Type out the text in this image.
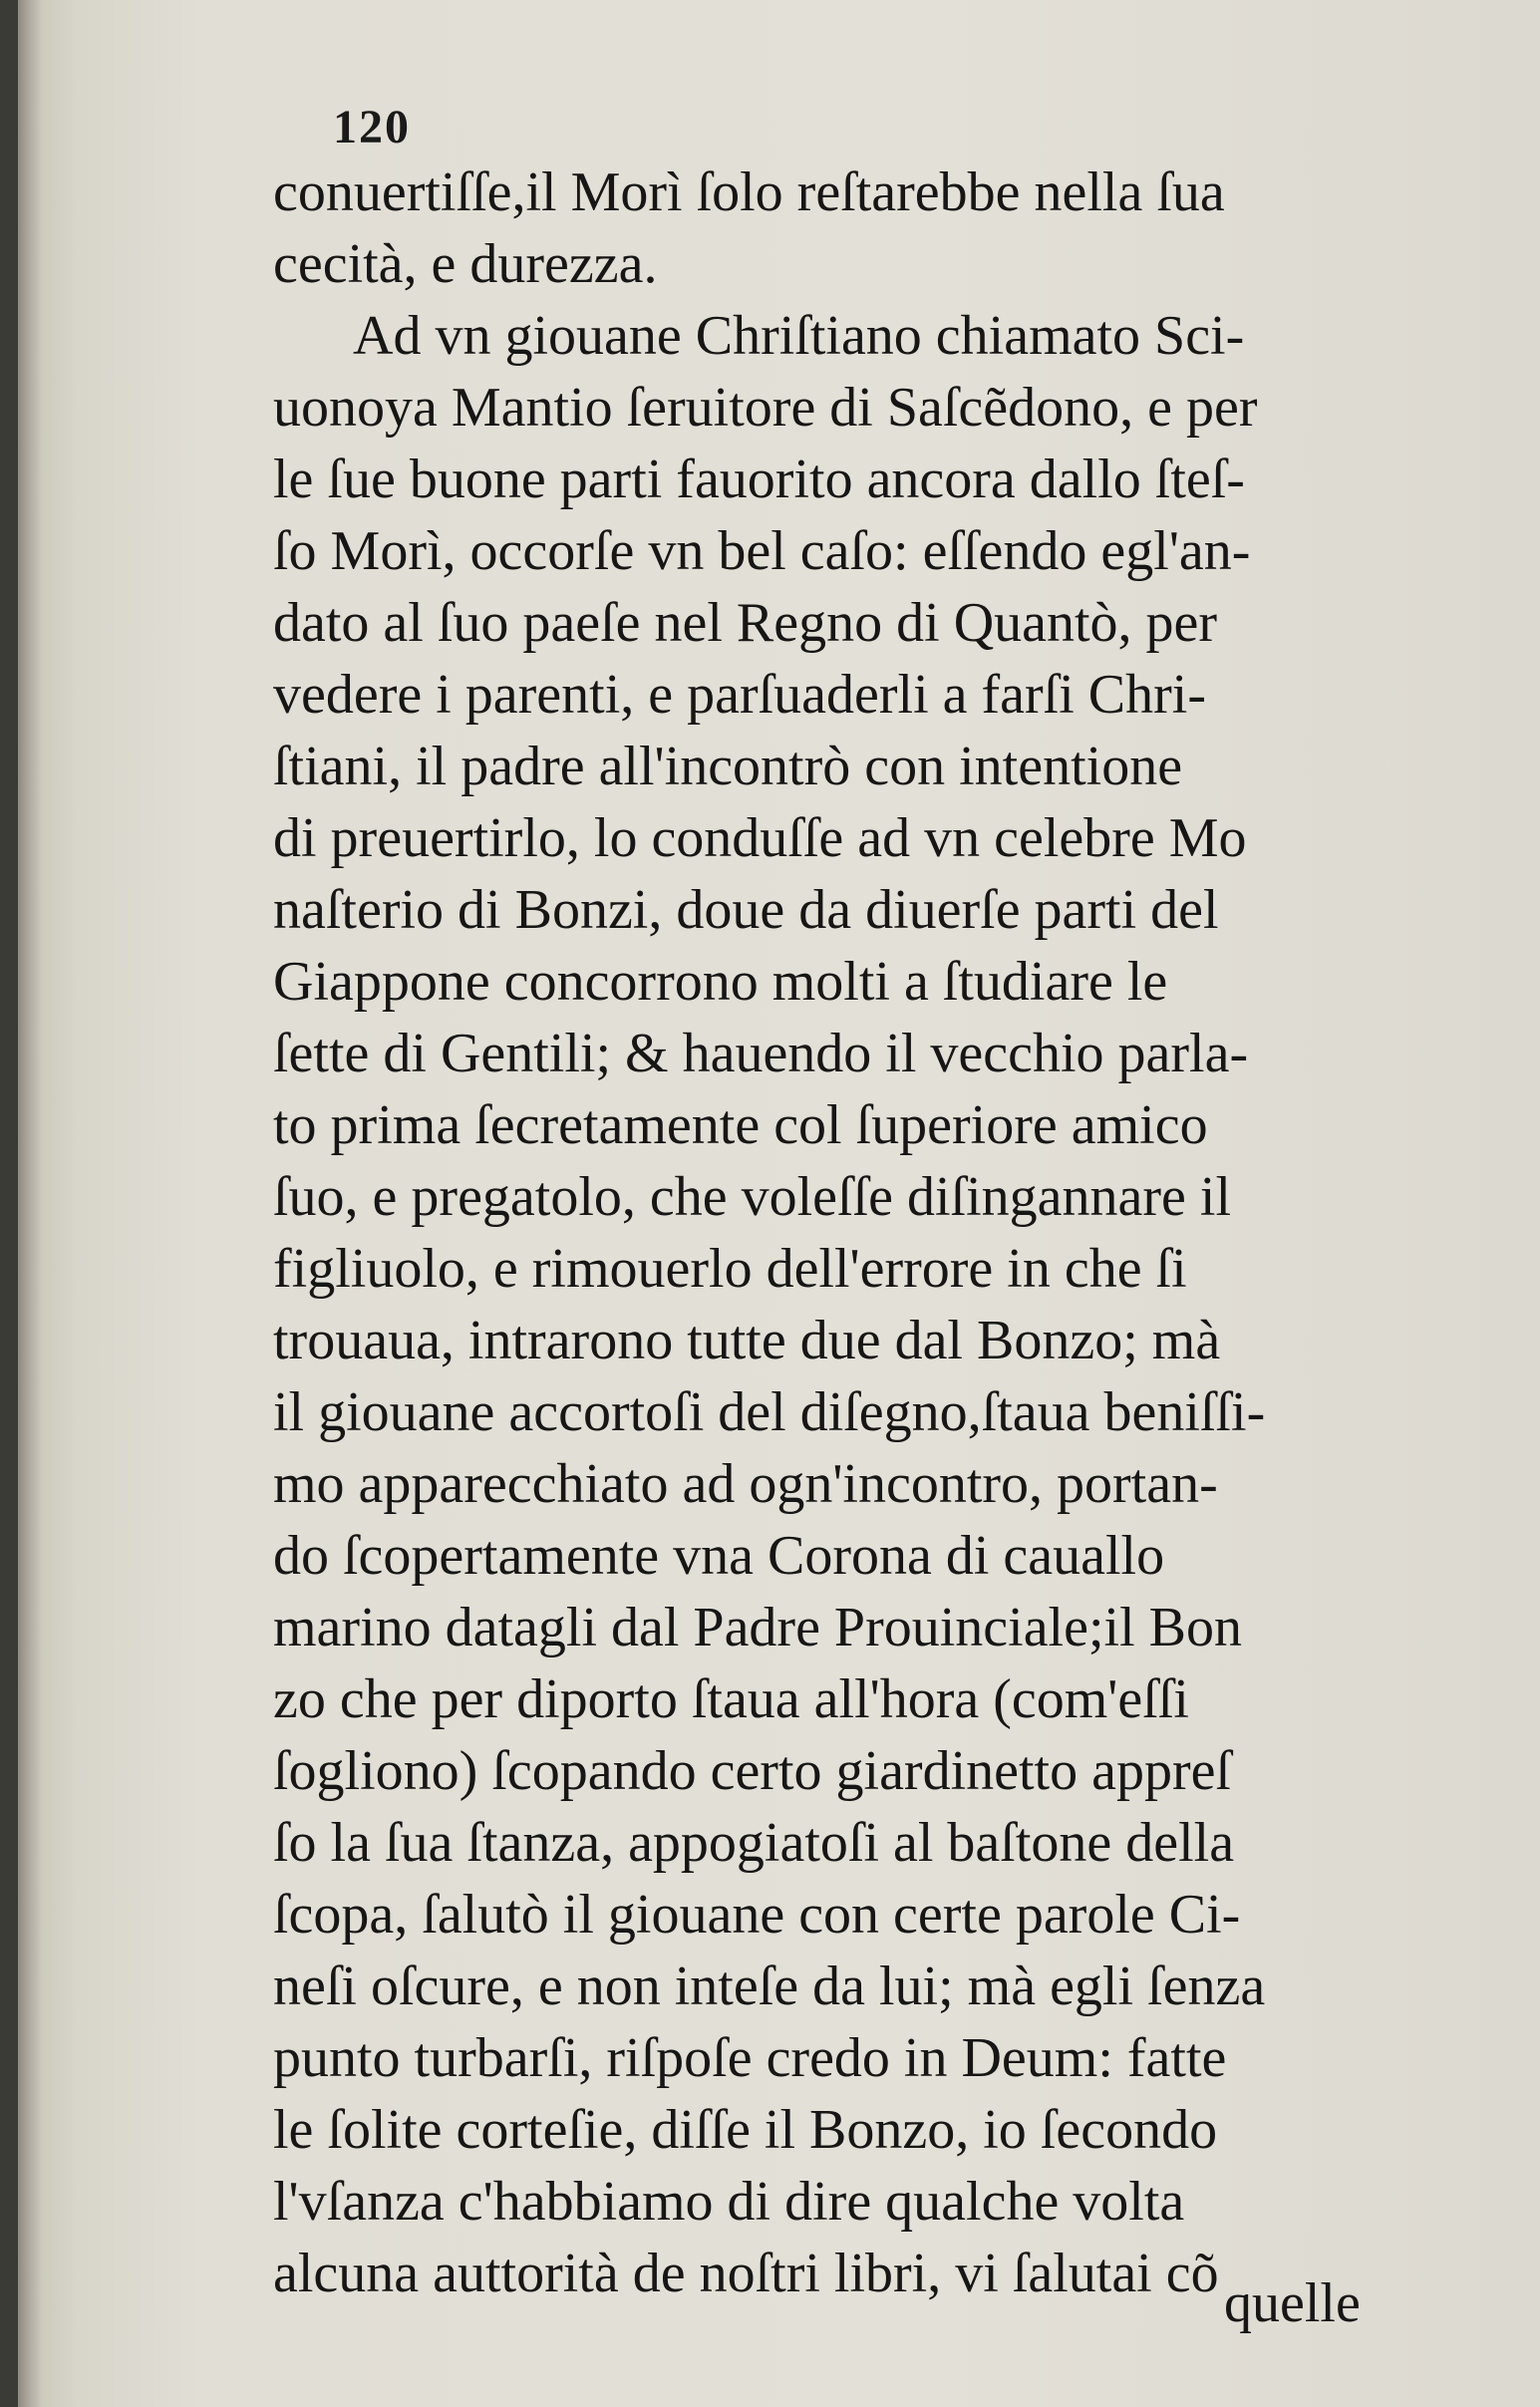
120
conuertiſſe,il Morì ſolo reſtarebbe nella ſua
cecità, e durezza.
Ad vn giouane Chriſtiano chiamato Sci-
uonoya Mantio ſeruitore di Saſcẽdono, e per
le ſue buone parti fauorito ancora dallo ſteſ-
ſo Morì, occorſe vn bel caſo: eſſendo egl'an-
dato al ſuo paeſe nel Regno di Quantò, per
vedere i parenti, e parſuaderli a farſi Chri-
ſtiani, il padre all'incontrò con intentione
di preuertirlo, lo conduſſe ad vn celebre Mo
naſterio di Bonzi, doue da diuerſe parti del
Giappone concorrono molti a ſtudiare le
ſette di Gentili; & hauendo il vecchio parla-
to prima ſecretamente col ſuperiore amico
ſuo, e pregatolo, che voleſſe diſingannare il
figliuolo, e rimouerlo dell'errore in che ſi
trouaua, intrarono tutte due dal Bonzo; mà
il giouane accortoſi del diſegno,ſtaua beniſſi-
mo apparecchiato ad ogn'incontro, portan-
do ſcopertamente vna Corona di cauallo
marino datagli dal Padre Prouinciale;il Bon
zo che per diporto ſtaua all'hora (com'eſſi
ſogliono) ſcopando certo giardinetto appreſ
ſo la ſua ſtanza, appogiatoſi al baſtone della
ſcopa, ſalutò il giouane con certe parole Ci-
neſi oſcure, e non inteſe da lui; mà egli ſenza
punto turbarſi, riſpoſe credo in Deum: fatte
le ſolite corteſie, diſſe il Bonzo, io ſecondo
l'vſanza c'habbiamo di dire qualche volta
alcuna auttorità de noſtri libri, vi ſalutai cõ quelle
